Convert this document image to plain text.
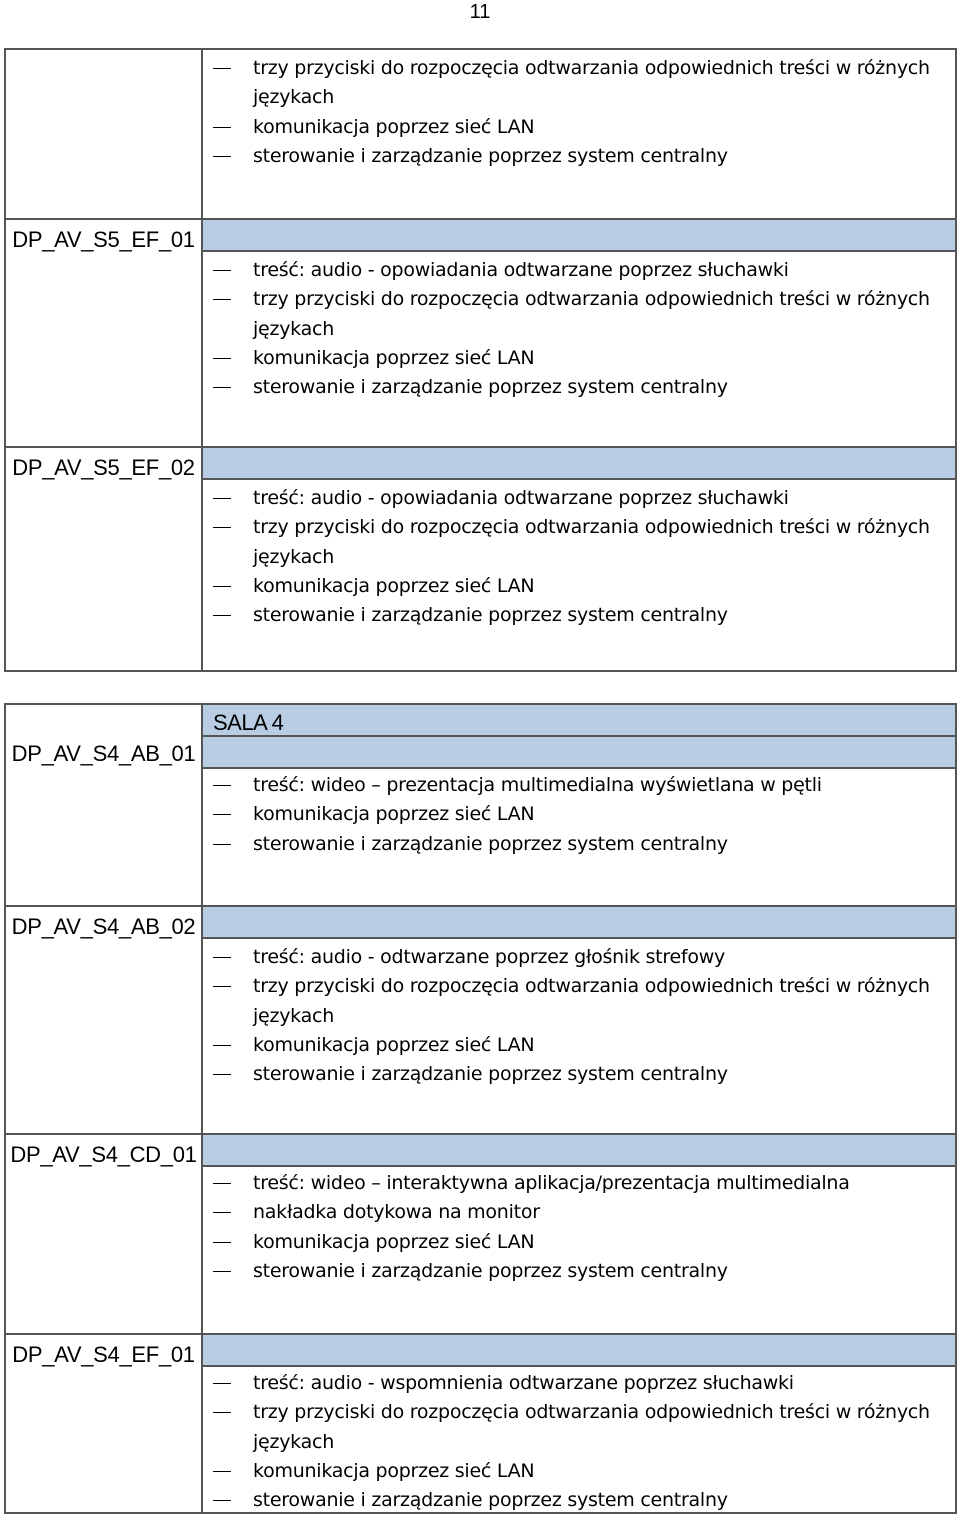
11
trzy przyciski do rozpoczęcia odtwarzania odpowiednich treści w różnych językach
komunikacja poprzez sieć LAN
sterowanie i zarządzanie poprzez system centralny
DP_AV_S5_EF_01
treść: audio - opowiadania odtwarzane poprzez słuchawki
trzy przyciski do rozpoczęcia odtwarzania odpowiednich treści w różnych językach
komunikacja poprzez sieć LAN
sterowanie i zarządzanie poprzez system centralny
DP_AV_S5_EF_02
treść: audio - opowiadania odtwarzane poprzez słuchawki
trzy przyciski do rozpoczęcia odtwarzania odpowiednich treści w różnych językach
komunikacja poprzez sieć LAN
sterowanie i zarządzanie poprzez system centralny
DP_AV_S4_AB_01
SALA 4
treść: wideo – prezentacja multimedialna wyświetlana w pętli
komunikacja poprzez sieć LAN
sterowanie i zarządzanie poprzez system centralny
DP_AV_S4_AB_02
treść: audio - odtwarzane poprzez głośnik strefowy
trzy przyciski do rozpoczęcia odtwarzania odpowiednich treści w różnych językach
komunikacja poprzez sieć LAN
sterowanie i zarządzanie poprzez system centralny
DP_AV_S4_CD_01
treść: wideo – interaktywna aplikacja/prezentacja multimedialna
nakładka dotykowa na monitor
komunikacja poprzez sieć LAN
sterowanie i zarządzanie poprzez system centralny
DP_AV_S4_EF_01
treść: audio - wspomnienia odtwarzane poprzez słuchawki
trzy przyciski do rozpoczęcia odtwarzania odpowiednich treści w różnych językach
komunikacja poprzez sieć LAN
sterowanie i zarządzanie poprzez system centralny
